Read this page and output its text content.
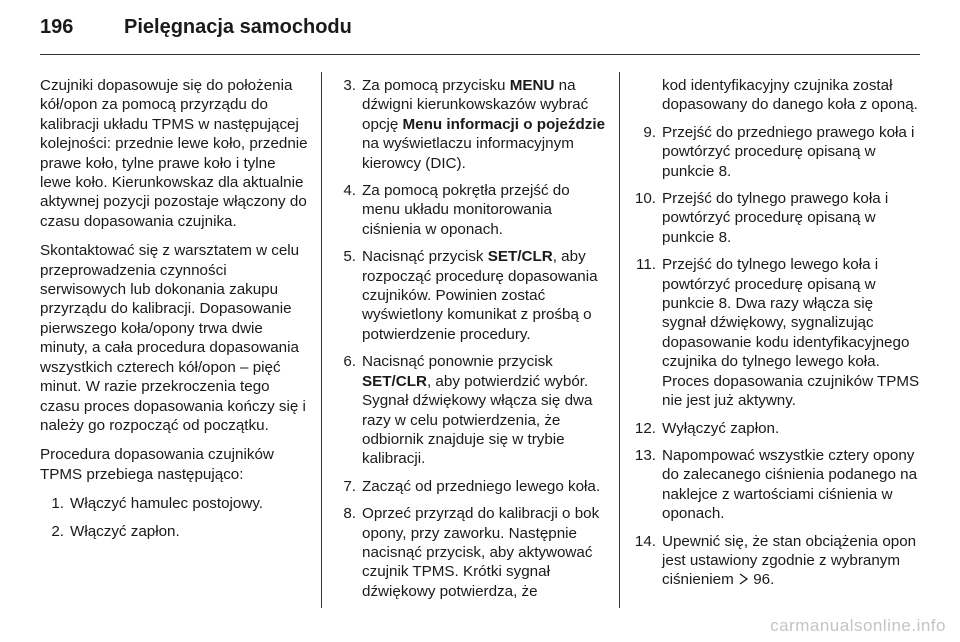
196	Pielęgnacja samochodu

Czujniki dopasowuje się do położenia kół/opon za pomocą przyrządu do kalibracji układu TPMS w następującej kolejności: przednie lewe koło, przednie prawe koło, tylne prawe koło i tylne lewe koło. Kierunkowskaz dla aktualnie aktywnej pozycji pozostaje włączony do czasu dopasowania czujnika.

Skontaktować się z warsztatem w celu przeprowadzenia czynności serwisowych lub dokonania zakupu przyrządu do kalibracji. Dopasowanie pierwszego koła/opony trwa dwie minuty, a cała procedura dopasowania wszystkich czterech kół/opon – pięć minut. W razie przekroczenia tego czasu proces dopasowania kończy się i należy go rozpocząć od początku.

Procedura dopasowania czujników TPMS przebiega następująco:

1. Włączyć hamulec postojowy.
2. Włączyć zapłon.
3. Za pomocą przycisku MENU na dźwigni kierunkowskazów wybrać opcję Menu informacji o pojeździe na wyświetlaczu informacyjnym kierowcy (DIC).
4. Za pomocą pokrętła przejść do menu układu monitorowania ciśnienia w oponach.
5. Nacisnąć przycisk SET/CLR, aby rozpocząć procedurę dopasowania czujników. Powinien zostać wyświetlony komunikat z prośbą o potwierdzenie procedury.
6. Nacisnąć ponownie przycisk SET/CLR, aby potwierdzić wybór. Sygnał dźwiękowy włącza się dwa razy w celu potwierdzenia, że odbiornik znajduje się w trybie kalibracji.
7. Zacząć od przedniego lewego koła.
8. Oprzeć przyrząd do kalibracji o bok opony, przy zaworku. Następnie nacisnąć przycisk, aby aktywować czujnik TPMS. Krótki sygnał dźwiękowy potwierdza, że
kod identyfikacyjny czujnika został dopasowany do danego koła z oponą.
9. Przejść do przedniego prawego koła i powtórzyć procedurę opisaną w punkcie 8.
10. Przejść do tylnego prawego koła i powtórzyć procedurę opisaną w punkcie 8.
11. Przejść do tylnego lewego koła i powtórzyć procedurę opisaną w punkcie 8. Dwa razy włącza się sygnał dźwiękowy, sygnalizując dopasowanie kodu identyfikacyjnego czujnika do tylnego lewego koła. Proces dopasowania czujników TPMS nie jest już aktywny.
12. Wyłączyć zapłon.
13. Napompować wszystkie cztery opony do zalecanego ciśnienia podanego na naklejce z wartościami ciśnienia w oponach.
14. Upewnić się, że stan obciążenia opon jest ustawiony zgodnie z wybranym ciśnieniem  96.
carmanualsonline.info
